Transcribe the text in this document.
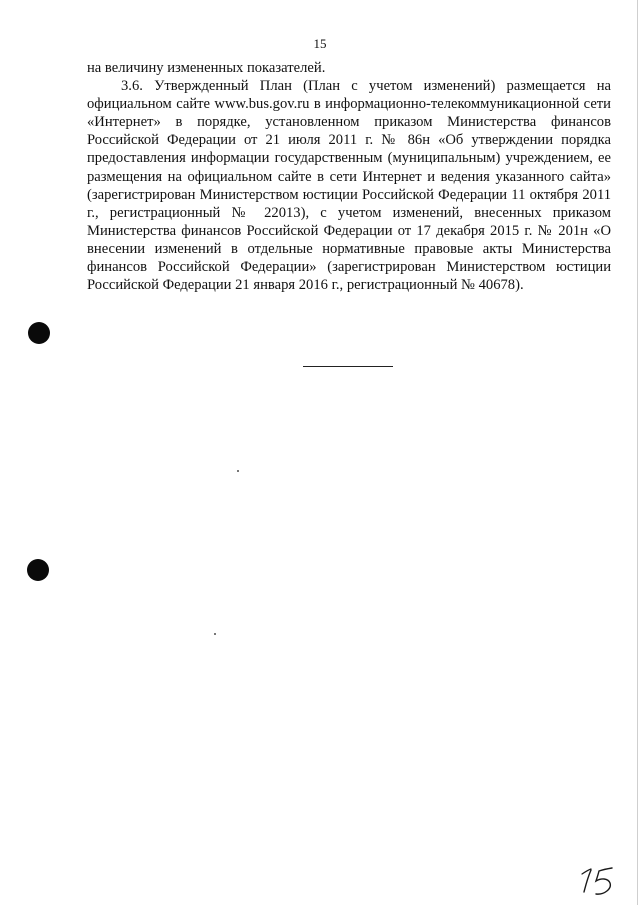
15

на величину измененных показателей.

3.6. Утвержденный План (План с учетом изменений) размещается на официальном сайте www.bus.gov.ru в информационно-телекоммуникационной сети «Интернет» в порядке, установленном приказом Министерства финансов Российской Федерации от 21 июля 2011 г. № 86н «Об утверждении порядка предоставления информации государственным (муниципальным) учреждением, ее размещения на официальном сайте в сети Интернет и ведения указанного сайта» (зарегистрирован Министерством юстиции Российской Федерации 11 октября 2011 г., регистрационный № 22013), с учетом изменений, внесенных приказом Министерства финансов Российской Федерации от 17 декабря 2015 г. № 201н «О внесении изменений в отдельные нормативные правовые акты Министерства финансов Российской Федерации» (зарегистрирован Министерством юстиции Российской Федерации 21 января 2016 г., регистрационный № 40678).
